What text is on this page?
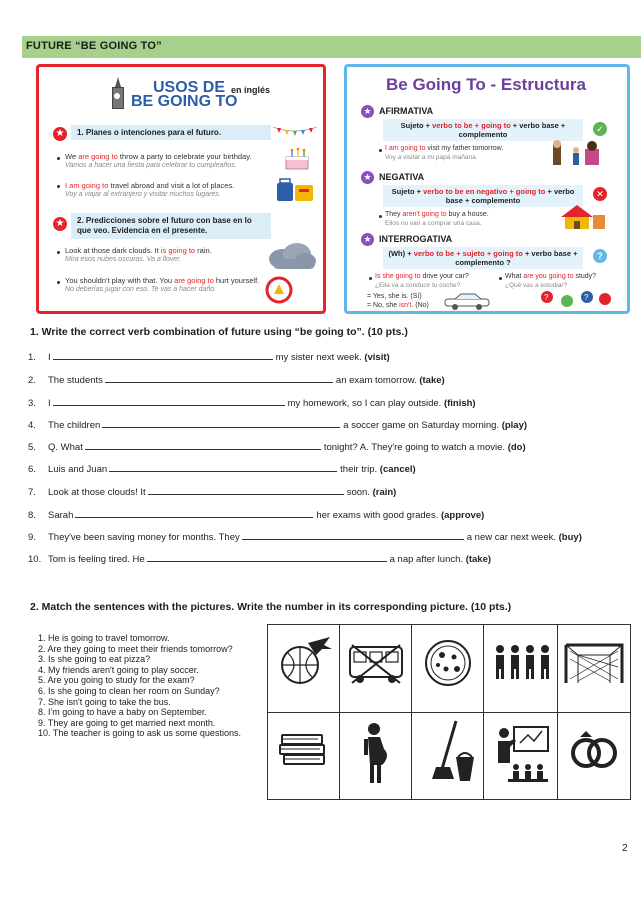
FUTURE “BE GOING TO”
USOS DE en inglés
BE GOING TO
★	1. Planes o intenciones para el futuro.
We are going to throw a party to celebrate your birthday.
Vamos a hacer una fiesta para celebrar tu cumpleaños.
I am going to travel abroad and visit a lot of places.
Voy a viajar al extranjero y visitar muchos lugares.
★	2. Predicciones sobre el futuro con base en lo que veo. Evidencia en el presente.
Look at those dark clouds. It is going to rain.
Mira esos nubes oscuras. Va a llover.
You shouldn't play with that. You are going to hurt yourself.
No deberías jugar con eso. Te vas a hacer daño.
Be Going To - Estructura
★ AFIRMATIVA
Sujeto + verbo to be + going to + verbo base + complemento
✓
I am going to visit my father tomorrow.
Voy a visitar a mi papá mañana.
★ NEGATIVA
Sujeto + verbo to be en negativo + going to + verbo base + complemento
✕
They aren't going to buy a house.
Ellos no van a comprar una casa.
★ INTERROGATIVA
(Wh) + verbo to be + sujeto + going to + verbo base + complemento ?
?
Is she going to drive your car?
¿Ella va a conducir tu coche?
What are you going to study?
¿Qué vas a estudiar?
= Yes, she is. (Sí)
= No, she isn't. (No)
?	?
1. Write the correct verb combination of future using “be going to”. (10 pts.)
1. I	my sister next week. (visit)
2. The students	an exam tomorrow. (take)
3. I	my homework, so I can play outside. (finish)
4. The children	a soccer game on Saturday morning. (play)
5. Q. What	tonight? A. They're going to watch a movie. (do)
6. Luis and Juan	their trip. (cancel)
7. Look at those clouds! It	soon. (rain)
8. Sarah	her exams with good grades. (approve)
9. They've been saving money for months. They	a new car next week. (buy)
10. Tom is feeling tired. He	a nap after lunch. (take)
2. Match the sentences with the pictures. Write the number in its corresponding picture. (10 pts.)
1. He is going to travel tomorrow.
2. Are they going to meet their friends tomorrow?
3. Is she going to eat pizza?
4. My friends aren't going to play soccer.
5. Are you going to study for the exam?
6. Is she going to clean her room on Sunday?
7. She isn't going to take the bus.
8. I'm going to have a baby on September.
9. They are going to get married next month.
10. The teacher is going to ask us some questions.
2
